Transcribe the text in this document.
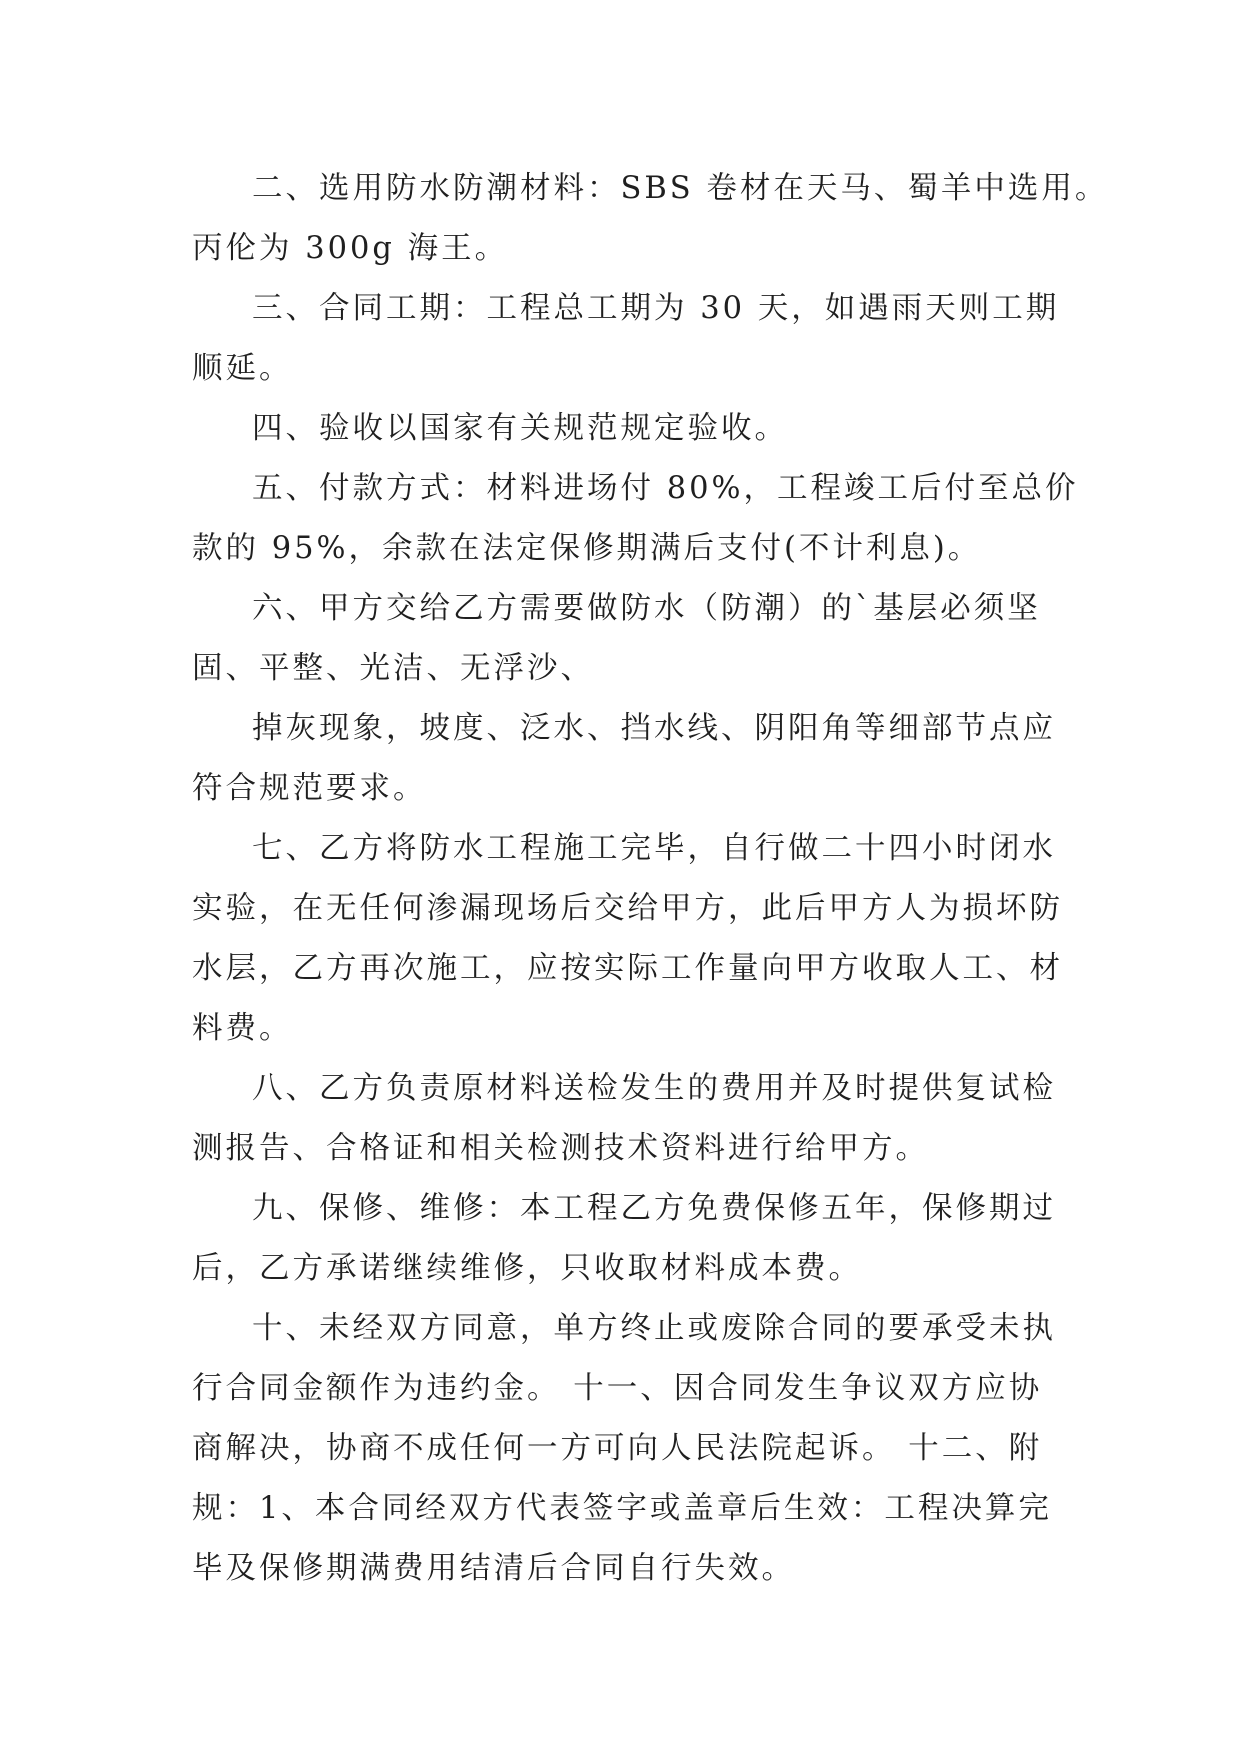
二、选用防水防潮材料：SBS 卷材在天马、蜀羊中选用。
丙伦为 300g 海王。
三、合同工期：工程总工期为 30 天，如遇雨天则工期
顺延。
四、验收以国家有关规范规定验收。
五、付款方式：材料进场付 80%，工程竣工后付至总价
款的 95%，余款在法定保修期满后支付(不计利息)。
六、甲方交给乙方需要做防水（防潮）的`基层必须坚
固、平整、光洁、无浮沙、
掉灰现象，坡度、泛水、挡水线、阴阳角等细部节点应
符合规范要求。
七、乙方将防水工程施工完毕，自行做二十四小时闭水
实验，在无任何渗漏现场后交给甲方，此后甲方人为损坏防
水层，乙方再次施工，应按实际工作量向甲方收取人工、材
料费。
八、乙方负责原材料送检发生的费用并及时提供复试检
测报告、合格证和相关检测技术资料进行给甲方。
九、保修、维修：本工程乙方免费保修五年，保修期过
后，乙方承诺继续维修，只收取材料成本费。
十、未经双方同意，单方终止或废除合同的要承受未执
行合同金额作为违约金。 十一、因合同发生争议双方应协
商解决，协商不成任何一方可向人民法院起诉。 十二、附
规：1、本合同经双方代表签字或盖章后生效：工程决算完
毕及保修期满费用结清后合同自行失效。
